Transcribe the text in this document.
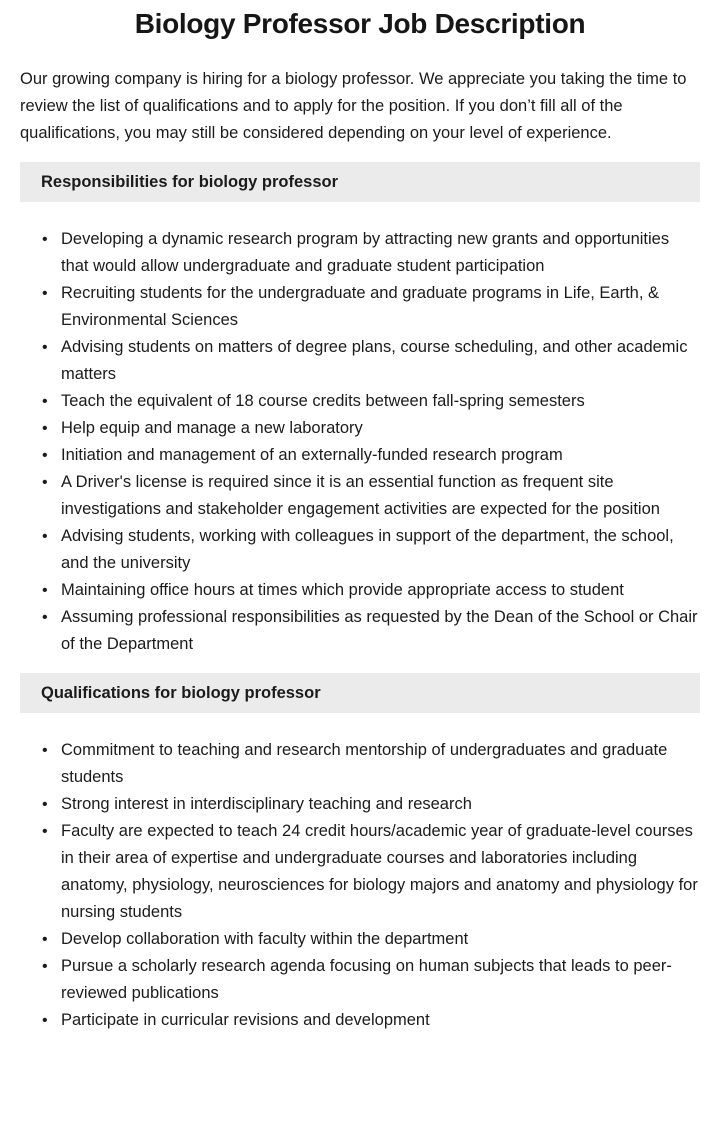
Biology Professor Job Description

Our growing company is hiring for a biology professor. We appreciate you taking the time to review the list of qualifications and to apply for the position. If you don’t fill all of the qualifications, you may still be considered depending on your level of experience.

Responsibilities for biology professor
• Developing a dynamic research program by attracting new grants and opportunities that would allow undergraduate and graduate student participation
• Recruiting students for the undergraduate and graduate programs in Life, Earth, & Environmental Sciences
• Advising students on matters of degree plans, course scheduling, and other academic matters
• Teach the equivalent of 18 course credits between fall-spring semesters
• Help equip and manage a new laboratory
• Initiation and management of an externally-funded research program
• A Driver's license is required since it is an essential function as frequent site investigations and stakeholder engagement activities are expected for the position
• Advising students, working with colleagues in support of the department, the school, and the university
• Maintaining office hours at times which provide appropriate access to student
• Assuming professional responsibilities as requested by the Dean of the School or Chair of the Department
Qualifications for biology professor
• Commitment to teaching and research mentorship of undergraduates and graduate students
• Strong interest in interdisciplinary teaching and research
• Faculty are expected to teach 24 credit hours/academic year of graduate-level courses in their area of expertise and undergraduate courses and laboratories including anatomy, physiology, neurosciences for biology majors and anatomy and physiology for nursing students
• Develop collaboration with faculty within the department
• Pursue a scholarly research agenda focusing on human subjects that leads to peer-reviewed publications
• Participate in curricular revisions and development
